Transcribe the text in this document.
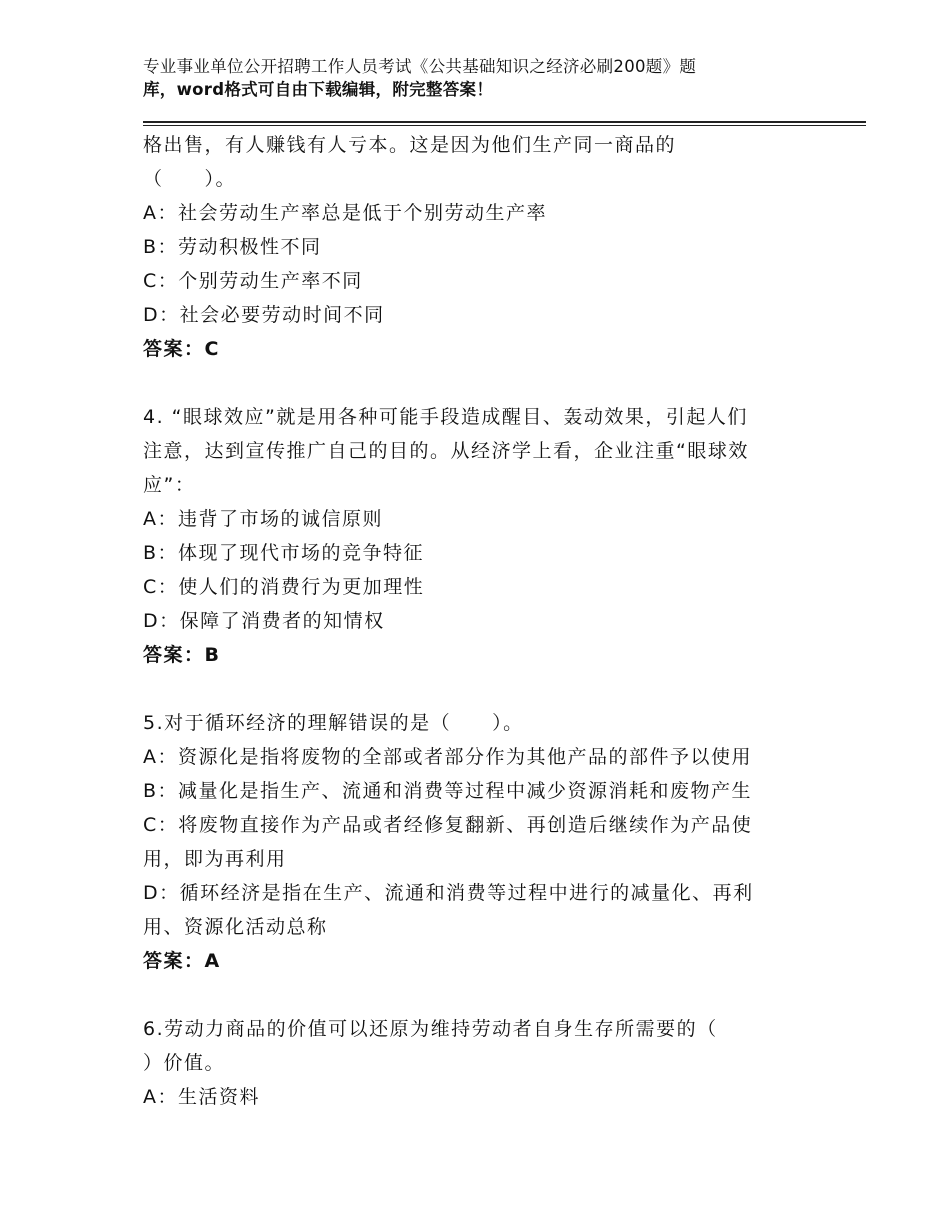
专业事业单位公开招聘工作人员考试《公共基础知识之经济必刷200题》题
库，word格式可自由下载编辑，附完整答案！
格出售，有人赚钱有人亏本。这是因为他们生产同一商品的
（　　）。
A：社会劳动生产率总是低于个别劳动生产率
B：劳动积极性不同
C：个别劳动生产率不同
D：社会必要劳动时间不同
答案：C
4. “眼球效应”就是用各种可能手段造成醒目、轰动效果，引起人们
注意，达到宣传推广自己的目的。从经济学上看，企业注重“眼球效
应”：
A：违背了市场的诚信原则
B：体现了现代市场的竞争特征
C：使人们的消费行为更加理性
D：保障了消费者的知情权
答案：B
5.对于循环经济的理解错误的是（　　）。
A：资源化是指将废物的全部或者部分作为其他产品的部件予以使用
B：减量化是指生产、流通和消费等过程中减少资源消耗和废物产生
C：将废物直接作为产品或者经修复翻新、再创造后继续作为产品使
用，即为再利用
D：循环经济是指在生产、流通和消费等过程中进行的减量化、再利
用、资源化活动总称
答案：A
6.劳动力商品的价值可以还原为维持劳动者自身生存所需要的（
）价值。
A：生活资料
